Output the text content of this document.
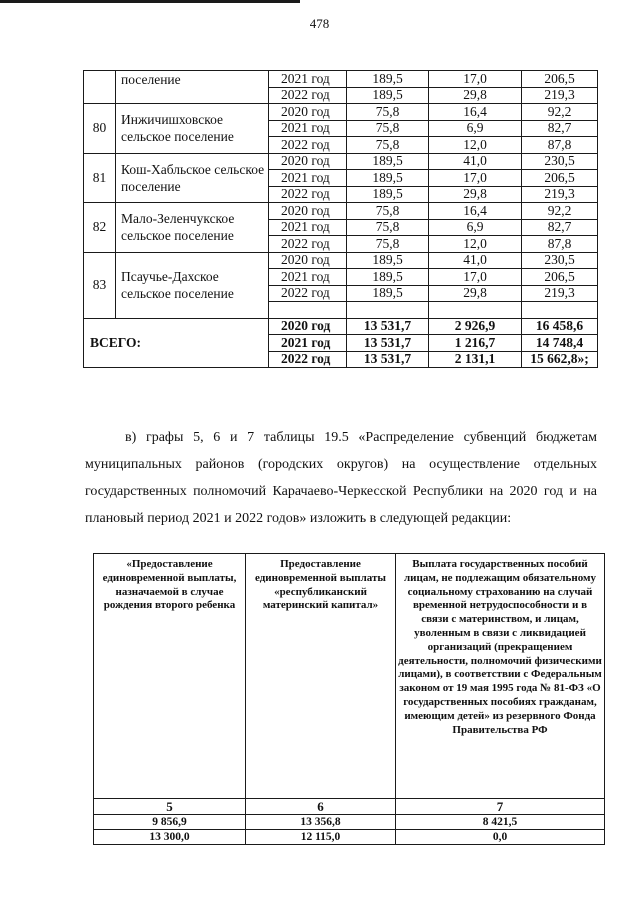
478
	поселение	2021 год	189,5	17,0	206,5
		2022 год	189,5	29,8	219,3
80	Инжичишховское сельское поселение	2020 год	75,8	16,4	92,2
		2021 год	75,8	6,9	82,7
		2022 год	75,8	12,0	87,8
81	Кош-Хабльское сельское поселение	2020 год	189,5	41,0	230,5
		2021 год	189,5	17,0	206,5
		2022 год	189,5	29,8	219,3
82	Мало-Зеленчукское сельское поселение	2020 год	75,8	16,4	92,2
		2021 год	75,8	6,9	82,7
		2022 год	75,8	12,0	87,8
83	Псаучье-Дахское сельское поселение	2020 год	189,5	41,0	230,5
		2021 год	189,5	17,0	206,5
		2022 год	189,5	29,8	219,3

ВСЕГО:		2020 год	13 531,7	2 926,9	16 458,6
		2021 год	13 531,7	1 216,7	14 748,4
		2022 год	13 531,7	2 131,1	15 662,8»;
в) графы 5, 6 и 7 таблицы 19.5 «Распределение субвенций бюджетам муниципальных районов (городских округов) на осуществление отдельных государственных полномочий Карачаево-Черкесской Республики на 2020 год и на плановый период 2021 и 2022 годов» изложить в следующей редакции:
«Предоставление единовременной выплаты, назначаемой в случае рождения второго ребенка	Предоставление единовременной выплаты «республиканский материнский капитал»	Выплата государственных пособий лицам, не подлежащим обязательному социальному страхованию на случай временной нетрудоспособности и в связи с материнством, и лицам, уволенным в связи с ликвидацией организаций (прекращением деятельности, полномочий физическими лицами), в соответствии с Федеральным законом от 19 мая 1995 года № 81-ФЗ «О государственных пособиях гражданам, имеющим детей» из резервного Фонда Правительства РФ
5	6	7
9 856,9	13 356,8	8 421,5
13 300,0	12 115,0	0,0
